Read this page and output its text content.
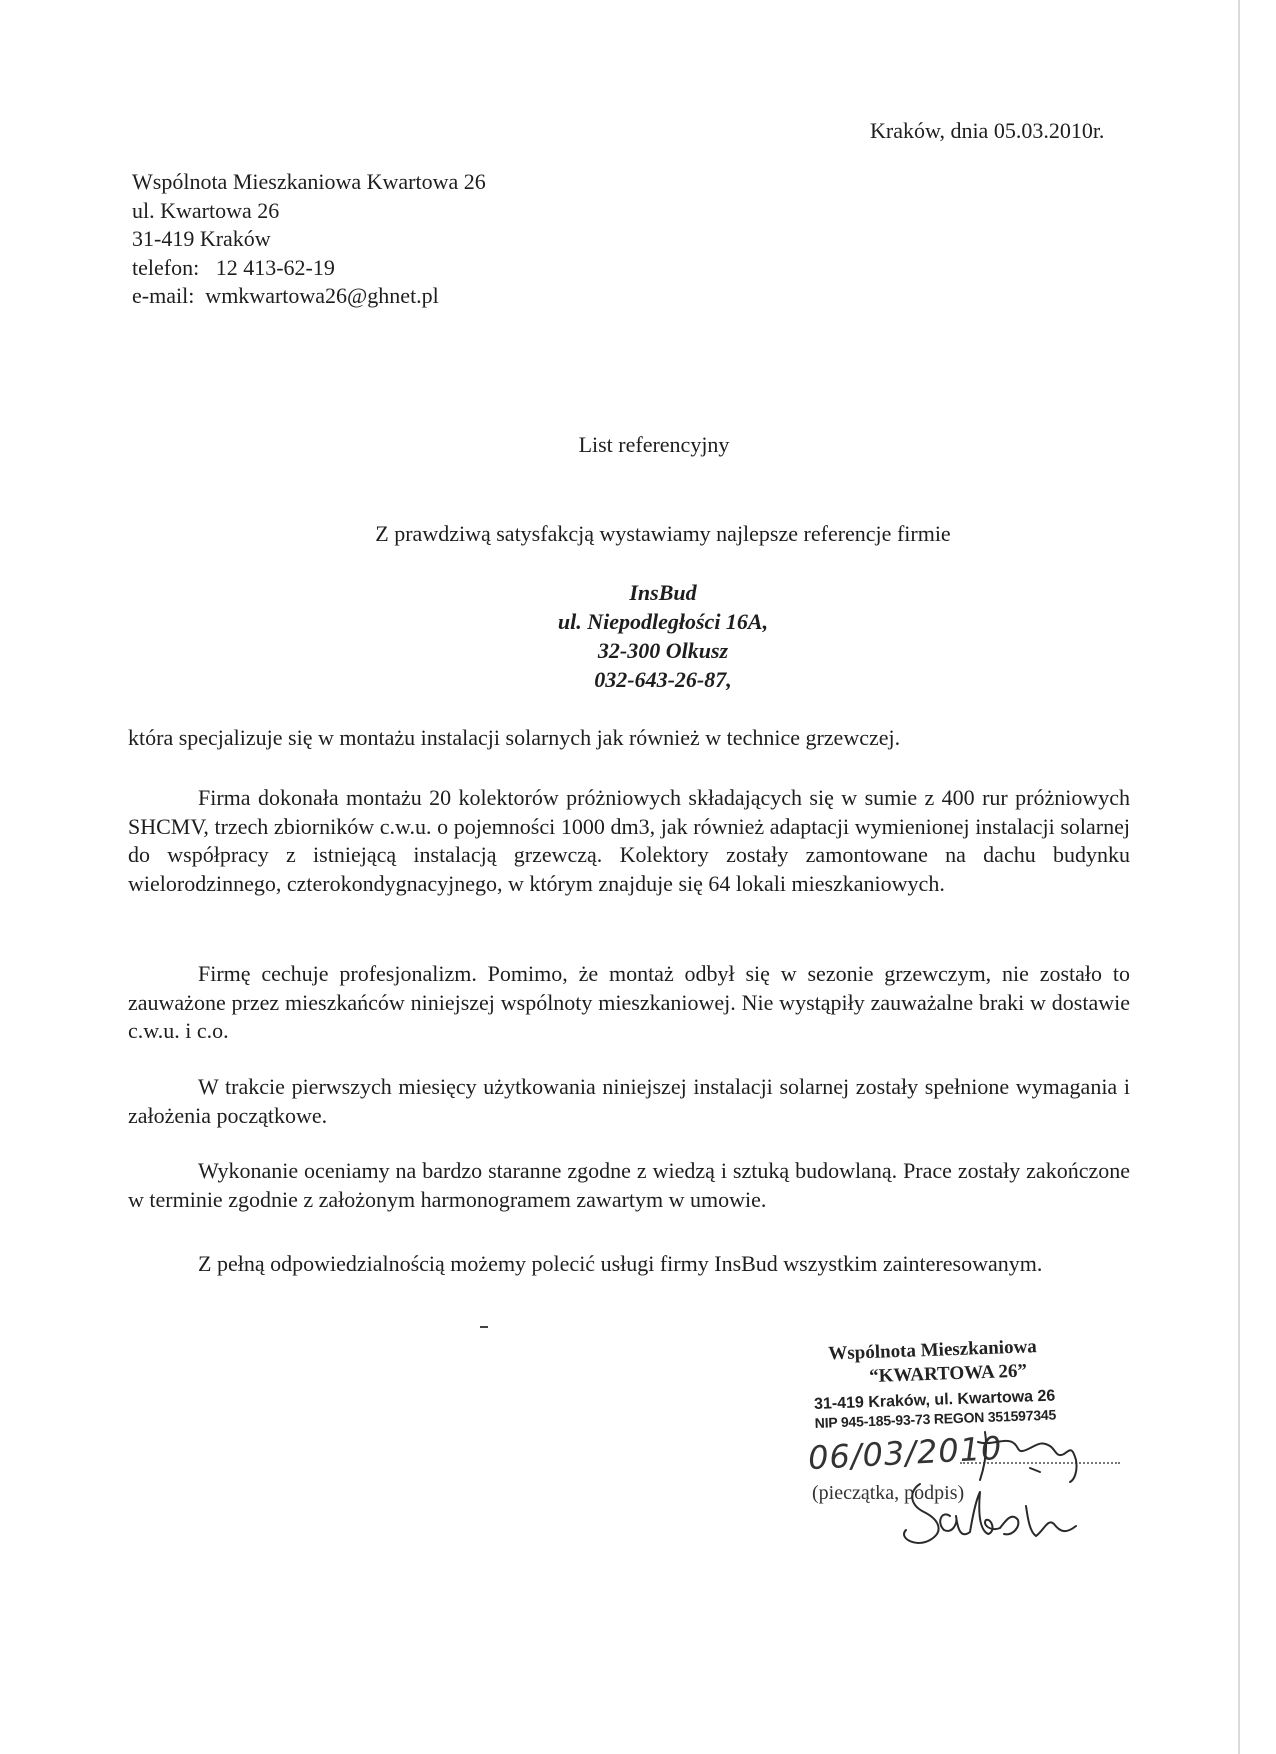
Kraków, dnia 05.03.2010r.
Wspólnota Mieszkaniowa Kwartowa 26
ul. Kwartowa 26
31-419 Kraków
telefon:   12 413-62-19
e-mail:  wmkwartowa26@ghnet.pl
List referencyjny
Z prawdziwą satysfakcją wystawiamy najlepsze referencje firmie
InsBud
ul. Niepodległości 16A,
32-300 Olkusz
032-643-26-87,
która specjalizuje się w montażu instalacji solarnych jak również w technice grzewczej.
Firma dokonała montażu 20 kolektorów próżniowych składających się w sumie z 400 rur próżniowych SHCMV, trzech zbiorników c.w.u. o pojemności 1000 dm3, jak również adaptacji wymienionej instalacji solarnej do współpracy z istniejącą instalacją grzewczą. Kolektory zostały zamontowane na dachu budynku wielorodzinnego, czterokondygnacyjnego, w którym znajduje się 64 lokali mieszkaniowych.
Firmę cechuje profesjonalizm. Pomimo, że montaż odbył się w sezonie grzewczym, nie zostało to zauważone przez mieszkańców niniejszej wspólnoty mieszkaniowej. Nie wystąpiły zauważalne braki w dostawie c.w.u. i c.o.
W trakcie pierwszych miesięcy użytkowania niniejszej instalacji solarnej zostały spełnione wymagania i założenia początkowe.
Wykonanie oceniamy na bardzo staranne zgodne z wiedzą i sztuką budowlaną. Prace zostały zakończone w terminie zgodnie z założonym harmonogramem zawartym w umowie.
Z pełną odpowiedzialnością możemy polecić usługi firmy InsBud wszystkim zainteresowanym.
Wspólnota Mieszkaniowa
“KWARTOWA 26”
31-419 Kraków, ul. Kwartowa 26
NIP 945-185-93-73 REGON 351597345
06/03/2010
(pieczątka, podpis)
